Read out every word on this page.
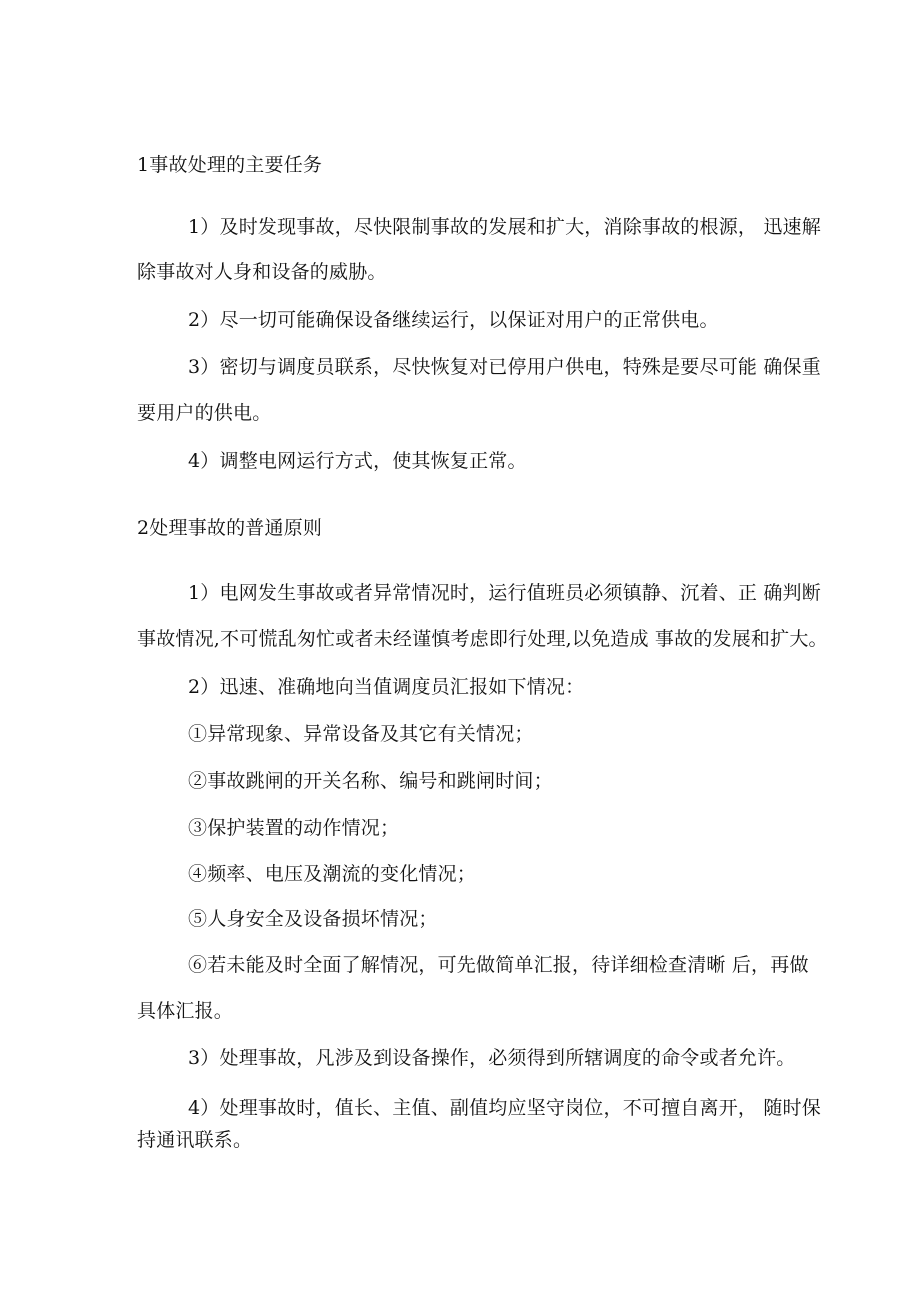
1事故处理的主要任务
1）及时发现事故，尽快限制事故的发展和扩大，消除事故的根源， 迅速解
除事故对人身和设备的威胁。
2）尽一切可能确保设备继续运行，以保证对用户的正常供电。
3）密切与调度员联系，尽快恢复对已停用户供电，特殊是要尽可能 确保重
要用户的供电。
4）调整电网运行方式，使其恢复正常。
2处理事故的普通原则
1）电网发生事故或者异常情况时，运行值班员必须镇静、沉着、正 确判断
事故情况,不可慌乱匆忙或者未经谨慎考虑即行处理,以免造成 事故的发展和扩大。
2）迅速、准确地向当值调度员汇报如下情况：
①异常现象、异常设备及其它有关情况；
②事故跳闸的开关名称、编号和跳闸时间；
③保护装置的动作情况；
④频率、电压及潮流的变化情况；
⑤人身安全及设备损坏情况；
⑥若未能及时全面了解情况，可先做简单汇报，待详细检查清晰 后，再做
具体汇报。
3）处理事故，凡涉及到设备操作，必须得到所辖调度的命令或者允许。
4）处理事故时，值长、主值、副值均应坚守岗位，不可擅自离开， 随时保
持通讯联系。
